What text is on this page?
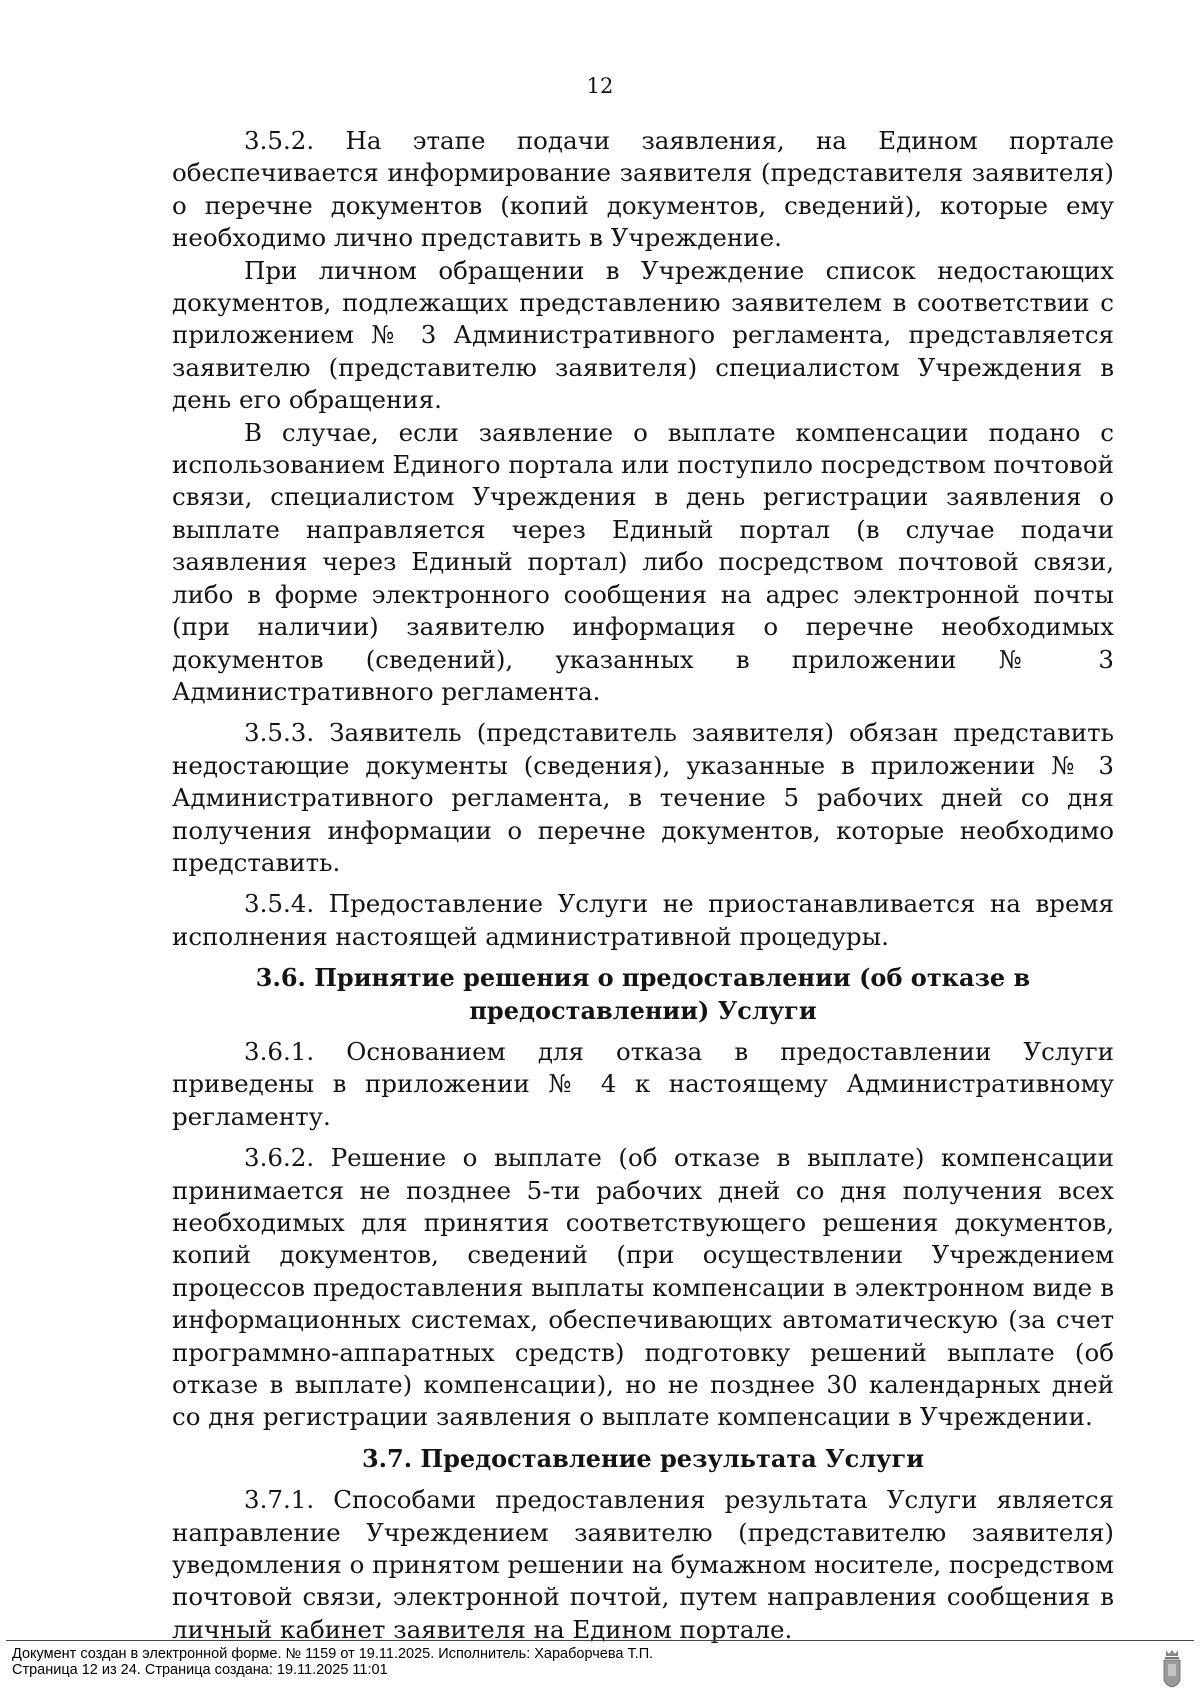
12

3.5.2. На этапе подачи заявления, на Едином портале обеспечивается информирование заявителя (представителя заявителя) о перечне документов (копий документов, сведений), которые ему необходимо лично представить в Учреждение.

При личном обращении в Учреждение список недостающих документов, подлежащих представлению заявителем в соответствии с приложением № 3 Административного регламента, представляется заявителю (представителю заявителя) специалистом Учреждения в день его обращения.

В случае, если заявление о выплате компенсации подано с использованием Единого портала или поступило посредством почтовой связи, специалистом Учреждения в день регистрации заявления о выплате направляется через Единый портал (в случае подачи заявления через Единый портал) либо посредством почтовой связи, либо в форме электронного сообщения на адрес электронной почты (при наличии) заявителю информация о перечне необходимых документов (сведений), указанных в приложении № 3 Административного регламента.

3.5.3. Заявитель (представитель заявителя) обязан представить недостающие документы (сведения), указанные в приложении № 3 Административного регламента, в течение 5 рабочих дней со дня получения информации о перечне документов, которые необходимо представить.

3.5.4. Предоставление Услуги не приостанавливается на время исполнения настоящей административной процедуры.

3.6. Принятие решения о предоставлении (об отказе в предоставлении) Услуги

3.6.1. Основанием для отказа в предоставлении Услуги приведены в приложении № 4 к настоящему Административному регламенту.

3.6.2. Решение о выплате (об отказе в выплате) компенсации принимается не позднее 5-ти рабочих дней со дня получения всех необходимых для принятия соответствующего решения документов, копий документов, сведений (при осуществлении Учреждением процессов предоставления выплаты компенсации в электронном виде в информационных системах, обеспечивающих автоматическую (за счет программно-аппаратных средств) подготовку решений выплате (об отказе в выплате) компенсации), но не позднее 30 календарных дней со дня регистрации заявления о выплате компенсации в Учреждении.

3.7. Предоставление результата Услуги

3.7.1. Способами предоставления результата Услуги является направление Учреждением заявителю (представителю заявителя) уведомления о принятом решении на бумажном носителе, посредством почтовой связи, электронной почтой, путем направления сообщения в личный кабинет заявителя на Едином портале.

Документ создан в электронной форме. № 1159 от 19.11.2025. Исполнитель: Хараборчева Т.П.
Страница 12 из 24. Страница создана: 19.11.2025 11:01
